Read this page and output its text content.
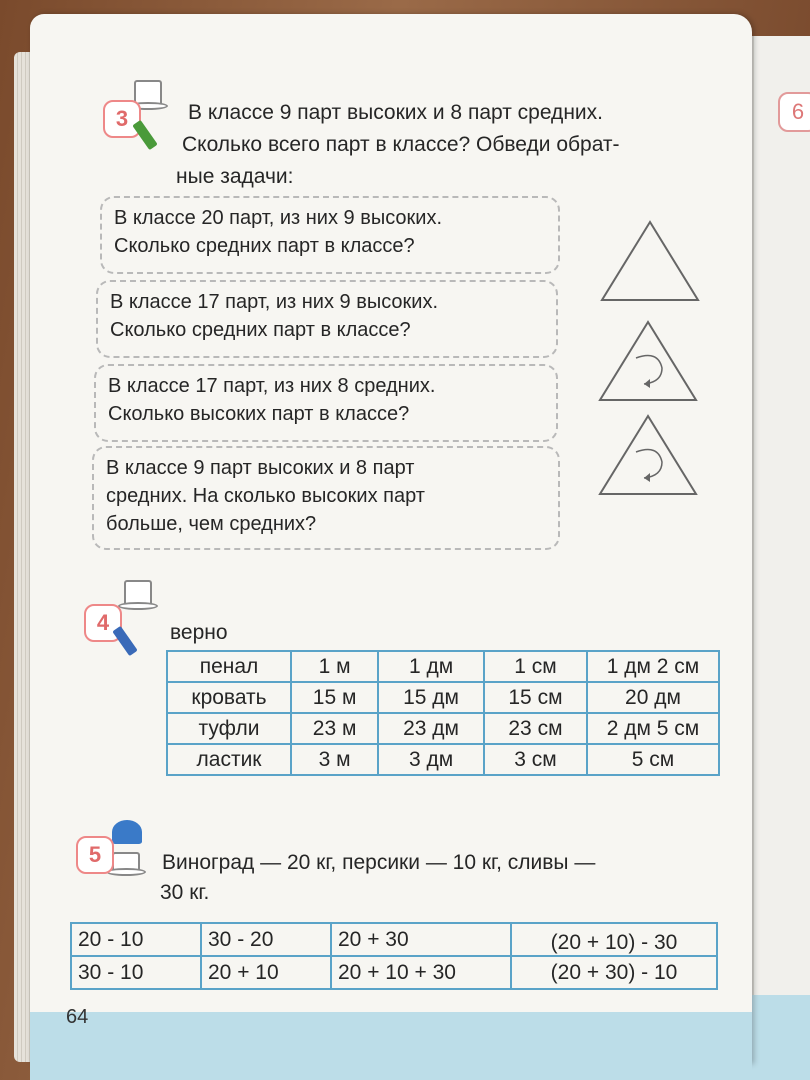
6
3	В классе 9 парт высоких и 8 парт средних.
Сколько всего парт в классе? Обведи обрат-
ные задачи:
В классе 20 парт, из них 9 высоких.
Сколько средних парт в классе?
В классе 17 парт, из них 9 высоких.
Сколько средних парт в классе?
В классе 17 парт, из них 8 средних.
Сколько высоких парт в классе?
В классе 9 парт высоких и 8 парт
средних. На сколько высоких парт
больше, чем средних?
4	верно
пенал	1 м	1 дм	1 см	1 дм 2 см
кровать	15 м	15 дм	15 см	20 дм
туфли	23 м	23 дм	23 см	2 дм 5 см
ластик	3 м	3 дм	3 см	5 см
5	Виноград — 20 кг, персики — 10 кг, сливы —
30 кг.
20 - 10	30 - 20	20 + 30	(20 + 10) - 30
30 - 10	20 + 10	20 + 10 + 30	(20 + 30) - 10
64
